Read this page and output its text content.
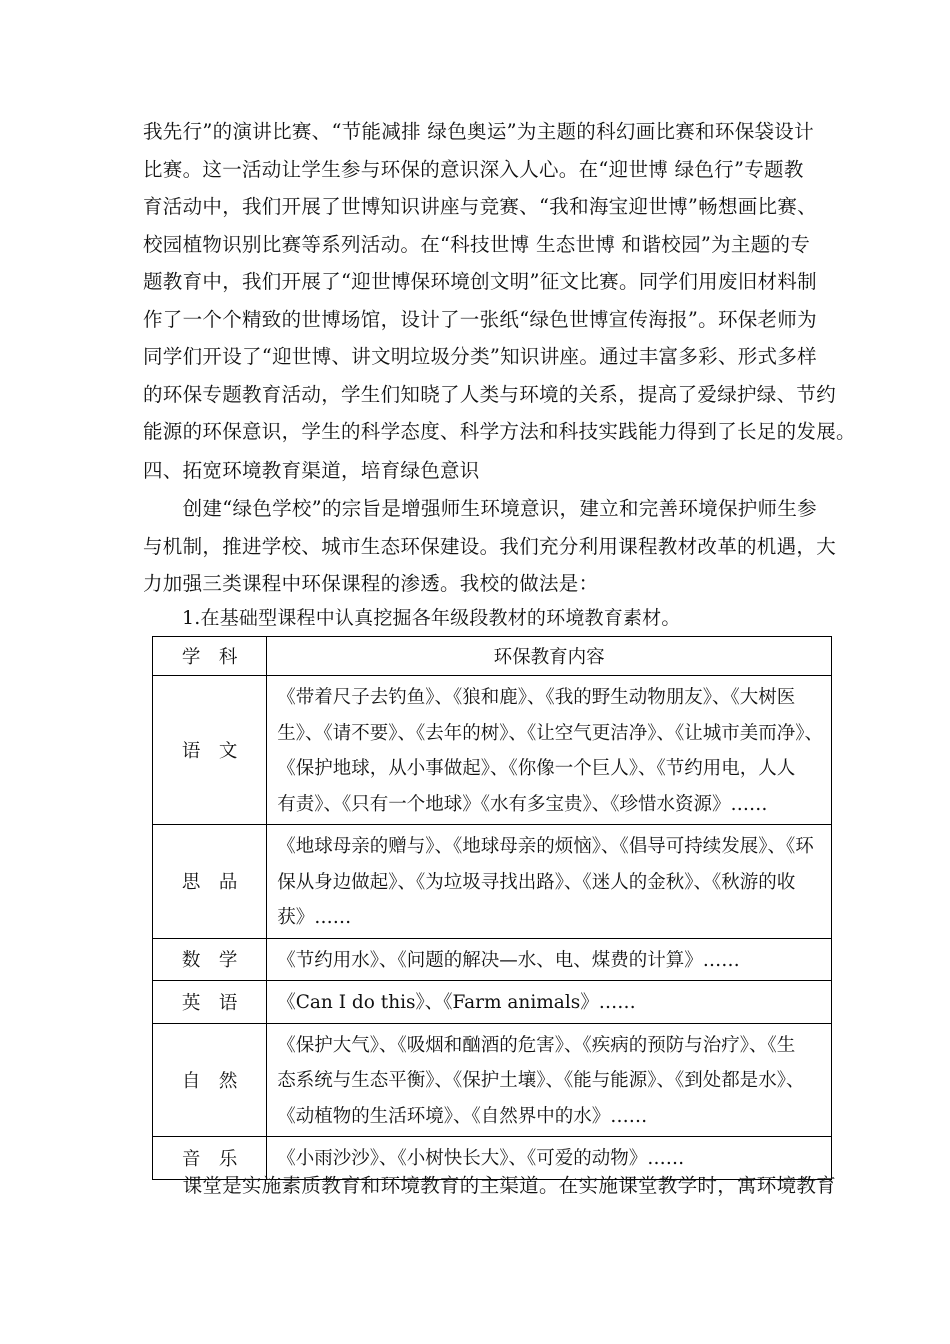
我先行”的演讲比赛、“节能减排 绿色奥运”为主题的科幻画比赛和环保袋设计
比赛。这一活动让学生参与环保的意识深入人心。在“迎世博 绿色行”专题教
育活动中，我们开展了世博知识讲座与竞赛、“我和海宝迎世博”畅想画比赛、
校园植物识别比赛等系列活动。在“科技世博 生态世博 和谐校园”为主题的专
题教育中，我们开展了“迎世博保环境创文明”征文比赛。同学们用废旧材料制
作了一个个精致的世博场馆，设计了一张纸“绿色世博宣传海报”。环保老师为
同学们开设了“迎世博、讲文明垃圾分类”知识讲座。通过丰富多彩、形式多样
的环保专题教育活动，学生们知晓了人类与环境的关系，提高了爱绿护绿、节约
能源的环保意识，学生的科学态度、科学方法和科技实践能力得到了长足的发展。
四、拓宽环境教育渠道，培育绿色意识
　　创建“绿色学校”的宗旨是增强师生环境意识，建立和完善环境保护师生参
与机制，推进学校、城市生态环保建设。我们充分利用课程教材改革的机遇，大
力加强三类课程中环保课程的渗透。我校的做法是：
1.在基础型课程中认真挖掘各年级段教材的环境教育素材。
学　科	环保教育内容
语　文	《带着尺子去钓鱼》、《狼和鹿》、《我的野生动物朋友》、《大树医
生》、《请不要》、《去年的树》、《让空气更洁净》、《让城市美而净》、
《保护地球，从小事做起》、《你像一个巨人》、《节约用电，人人
有责》、《只有一个地球》《水有多宝贵》、《珍惜水资源》……

思　品	《地球母亲的赠与》、《地球母亲的烦恼》、《倡导可持续发展》、《环
保从身边做起》、《为垃圾寻找出路》、《迷人的金秋》、《秋游的收
获》……

数　学	《节约用水》、《问题的解决—水、电、煤费的计算》……

英　语	《Can I do this》、《Farm animals》……

自　然	《保护大气》、《吸烟和酗酒的危害》、《疾病的预防与治疗》、《生
态系统与生态平衡》、《保护土壤》、《能与能源》、《到处都是水》、
《动植物的生活环境》、《自然界中的水》……

音　乐	《小雨沙沙》、《小树快长大》、《可爱的动物》……
　　课堂是实施素质教育和环境教育的主渠道。在实施课堂教学时，寓环境教育
